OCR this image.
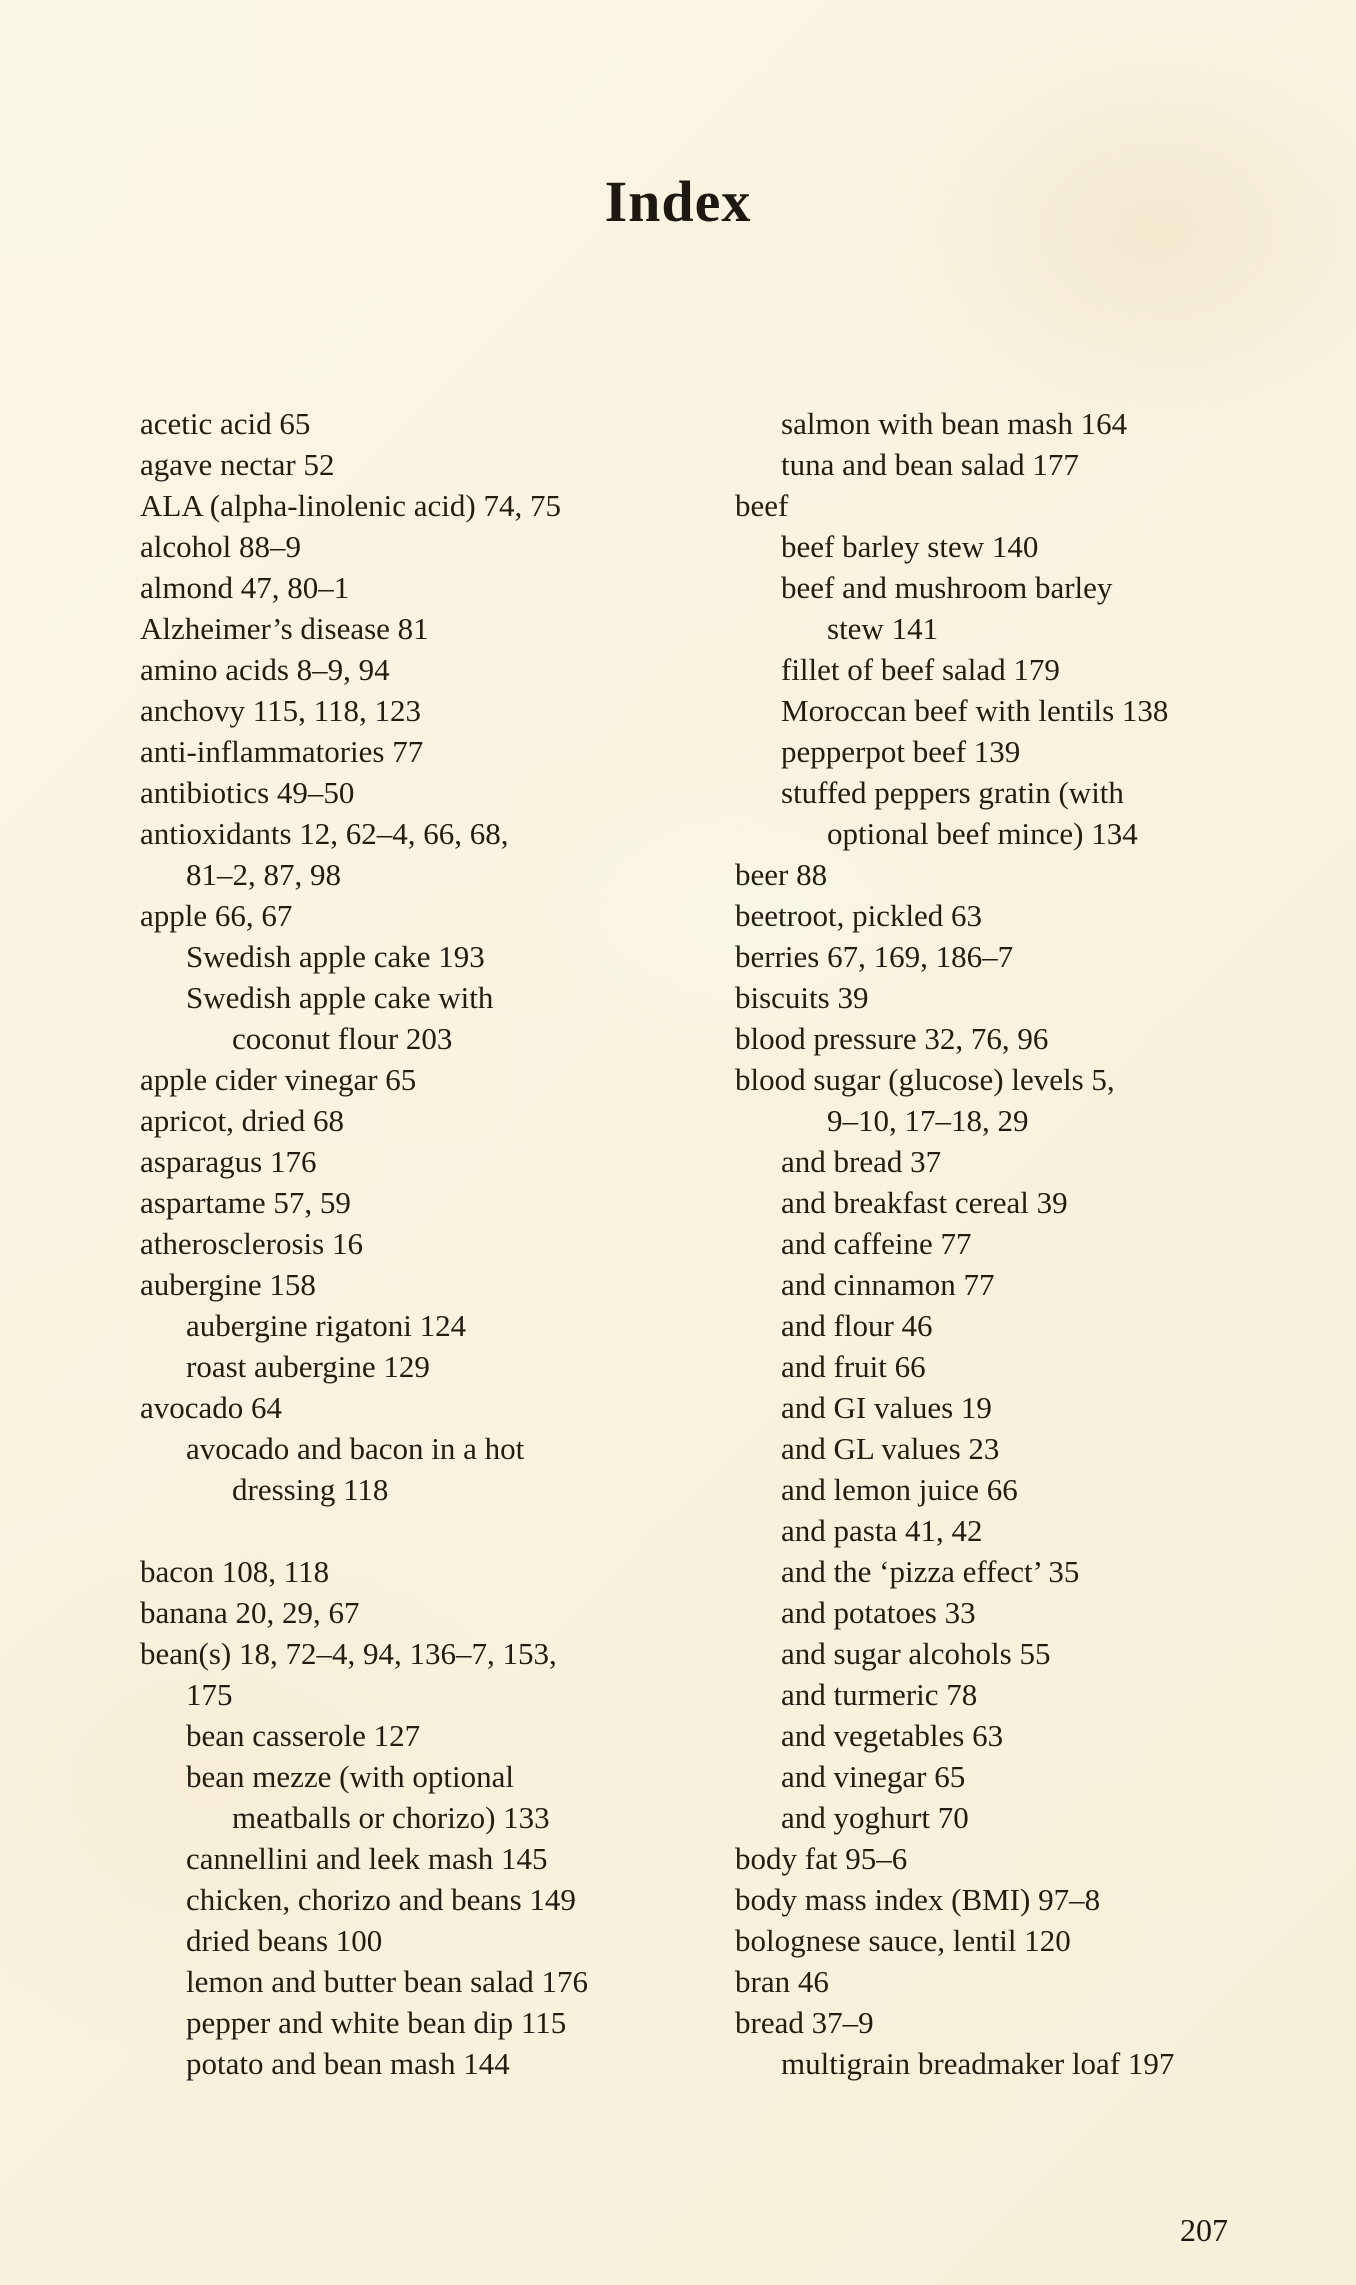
Index
acetic acid 65
agave nectar 52
ALA (alpha-linolenic acid) 74, 75
alcohol 88–9
almond 47, 80–1
Alzheimer’s disease 81
amino acids 8–9, 94
anchovy 115, 118, 123
anti-inflammatories 77
antibiotics 49–50
antioxidants 12, 62–4, 66, 68,
81–2, 87, 98
apple 66, 67
Swedish apple cake 193
Swedish apple cake with
coconut flour 203
apple cider vinegar 65
apricot, dried 68
asparagus 176
aspartame 57, 59
atherosclerosis 16
aubergine 158
aubergine rigatoni 124
roast aubergine 129
avocado 64
avocado and bacon in a hot
dressing 118
bacon 108, 118
banana 20, 29, 67
bean(s) 18, 72–4, 94, 136–7, 153,
175
bean casserole 127
bean mezze (with optional
meatballs or chorizo) 133
cannellini and leek mash 145
chicken, chorizo and beans 149
dried beans 100
lemon and butter bean salad 176
pepper and white bean dip 115
potato and bean mash 144
salmon with bean mash 164
tuna and bean salad 177
beef
beef barley stew 140
beef and mushroom barley
stew 141
fillet of beef salad 179
Moroccan beef with lentils 138
pepperpot beef 139
stuffed peppers gratin (with
optional beef mince) 134
beer 88
beetroot, pickled 63
berries 67, 169, 186–7
biscuits 39
blood pressure 32, 76, 96
blood sugar (glucose) levels 5,
9–10, 17–18, 29
and bread 37
and breakfast cereal 39
and caffeine 77
and cinnamon 77
and flour 46
and fruit 66
and GI values 19
and GL values 23
and lemon juice 66
and pasta 41, 42
and the ‘pizza effect’ 35
and potatoes 33
and sugar alcohols 55
and turmeric 78
and vegetables 63
and vinegar 65
and yoghurt 70
body fat 95–6
body mass index (BMI) 97–8
bolognese sauce, lentil 120
bran 46
bread 37–9
multigrain breadmaker loaf 197
207
